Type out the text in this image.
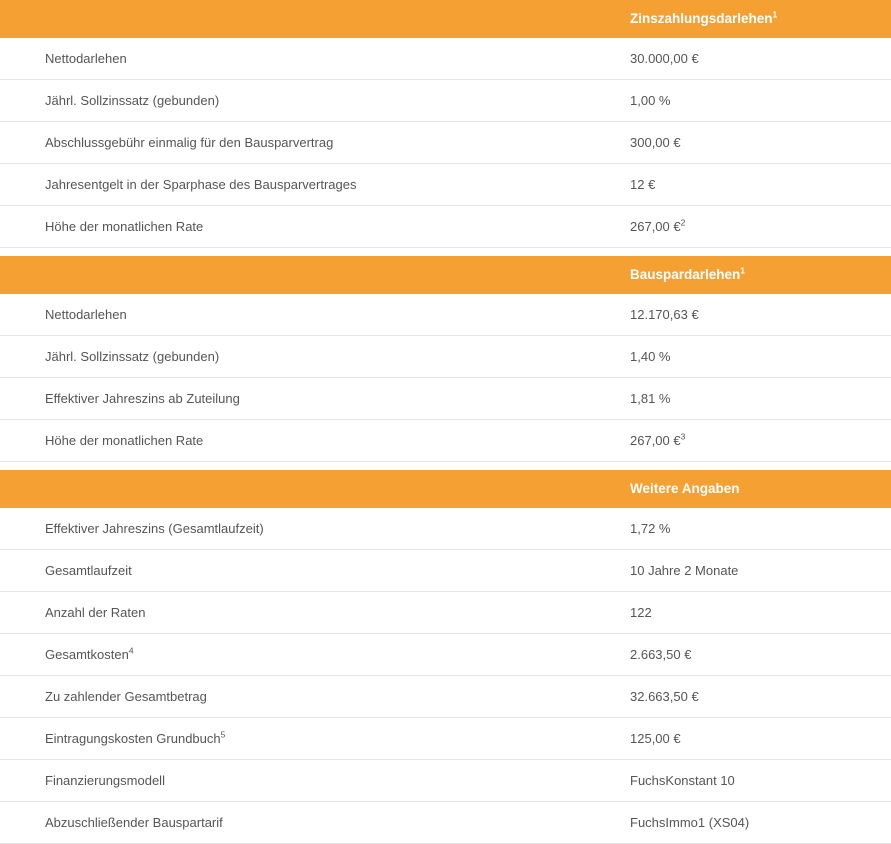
	Zinszahlungsdarlehen$^1$
Nettodarlehen	30.000,00 €
Jährl. Sollzinssatz (gebunden)	1,00 %
Abschlussgebühr einmalig für den Bausparvertrag	300,00 €
Jahresentgelt in der Sparphase des Bausparvertrages	12 €
Höhe der monatlichen Rate	267,00 €$^2$

	Bauspardarlehen$^1$
Nettodarlehen	12.170,63 €
Jährl. Sollzinssatz (gebunden)	1,40 %
Effektiver Jahreszins ab Zuteilung	1,81 %
Höhe der monatlichen Rate	267,00 €$^3$

	Weitere Angaben
Effektiver Jahreszins (Gesamtlaufzeit)	1,72 %
Gesamtlaufzeit	10 Jahre 2 Monate
Anzahl der Raten	122
Gesamtkosten$^4$	2.663,50 €
Zu zahlender Gesamtbetrag	32.663,50 €
Eintragungskosten Grundbuch$^5$	125,00 €
Finanzierungsmodell	FuchsKonstant 10
Abzuschließender Bauspartarif	FuchsImmo1 (XS04)
